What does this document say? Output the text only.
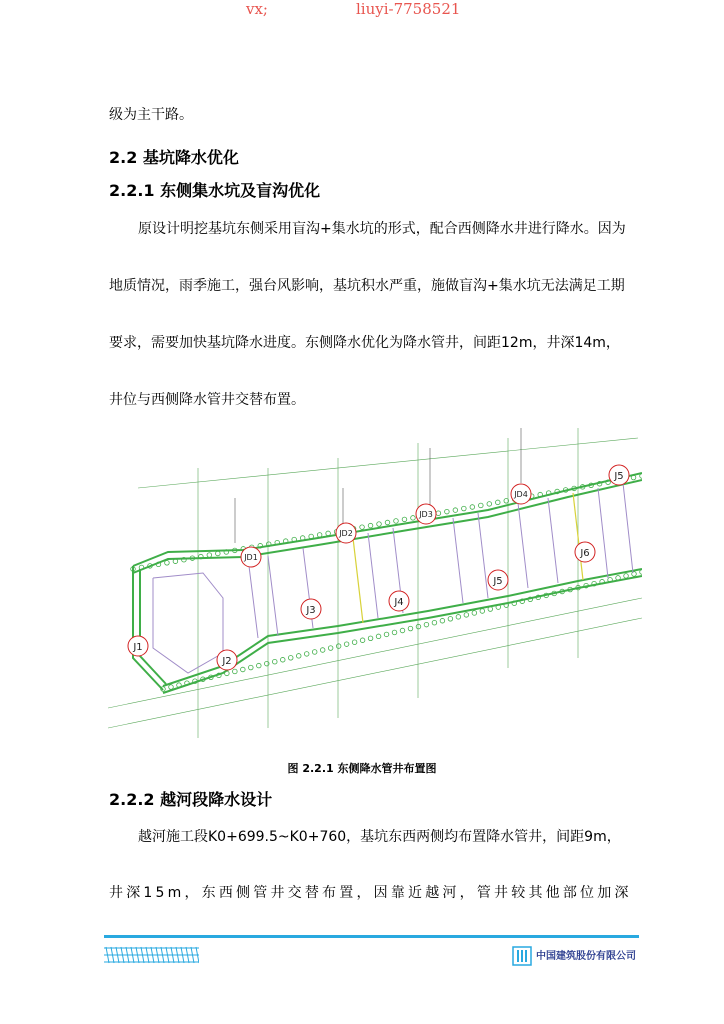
vx;	liuyi-7758521
级为主干路。
2.2 基坑降水优化
2.2.1 东侧集水坑及盲沟优化
原设计明挖基坑东侧采用盲沟+集水坑的形式，配合西侧降水井进行降水。因为
地质情况，雨季施工，强台风影响，基坑积水严重，施做盲沟+集水坑无法满足工期
要求，需要加快基坑降水进度。东侧降水优化为降水管井，间距12m，井深14m，
井位与西侧降水管井交替布置。
J1
J2
J3
J4
J5
J6
J5
JD1
JD2
JD3
JD4
图 2.2.1 东侧降水管井布置图
2.2.2 越河段降水设计
越河施工段K0+699.5~K0+760，基坑东西两侧均布置降水管井，间距9m，
井深15m，东西侧管井交替布置，因靠近越河，管井较其他部位加深
中国建筑股份有限公司
